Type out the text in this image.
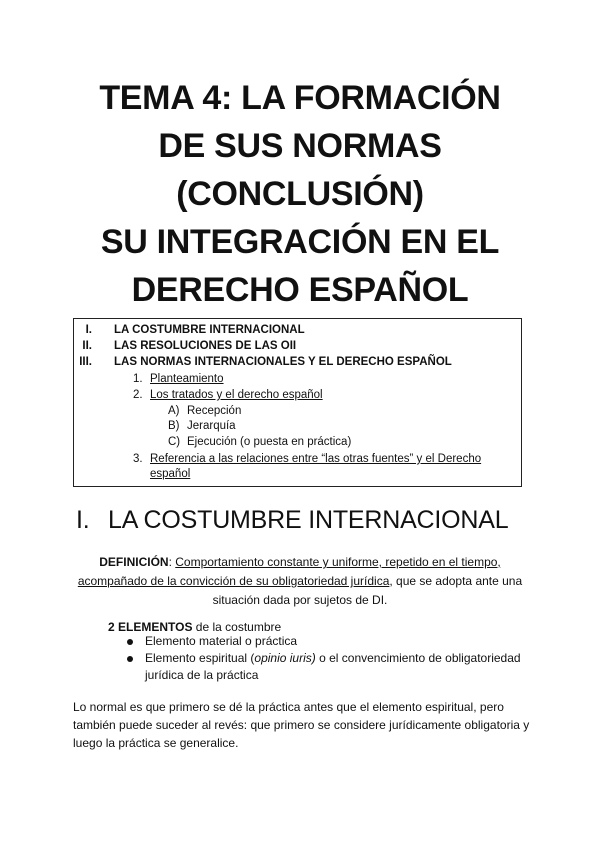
TEMA 4: LA FORMACIÓN
DE SUS NORMAS
(CONCLUSIÓN)
SU INTEGRACIÓN EN EL
DERECHO ESPAÑOL
I. LA COSTUMBRE INTERNACIONAL
II. LAS RESOLUCIONES DE LAS OII
III. LAS NORMAS INTERNACIONALES Y EL DERECHO ESPAÑOL
1. Planteamiento
2. Los tratados y el derecho español
A) Recepción
B) Jerarquía
C) Ejecución (o puesta en práctica)
3. Referencia a las relaciones entre “las otras fuentes” y el Derecho
español
I. LA COSTUMBRE INTERNACIONAL
DEFINICIÓN: Comportamiento constante y uniforme, repetido en el tiempo,
acompañado de la convicción de su obligatoriedad jurídica, que se adopta ante una
situación dada por sujetos de DI.
2 ELEMENTOS de la costumbre
Elemento material o práctica
Elemento espiritual (opinio iuris) o el convencimiento de obligatoriedad
jurídica de la práctica
Lo normal es que primero se dé la práctica antes que el elemento espiritual, pero también puede suceder al revés: que primero se considere jurídicamente obligatoria y luego la práctica se generalice.
